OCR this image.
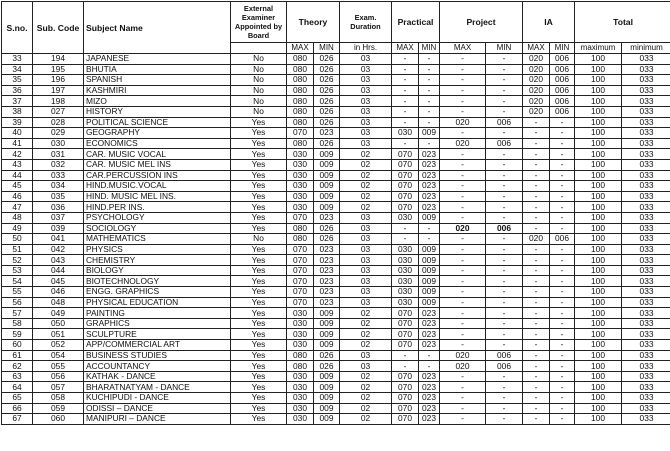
S.no.	Sub. Code	Subject Name	External Examiner Appointed by Board	Theory		Exam. Duration	Practical		Project		IA		Total	
				MAX	MIN	in Hrs.	MAX	MIN	MAX	MIN	MAX	MIN	maximum	minimum
33	194	JAPANESE	No	080	026	03	-	-	-	-	020	006	100	033
34	195	BHUTIA	No	080	026	03	-	-	-	-	020	006	100	033
35	196	SPANISH	No	080	026	03	-	-	-	-	020	006	100	033
36	197	KASHMIRI	No	080	026	03	-	-	-	-	020	006	100	033
37	198	MIZO	No	080	026	03	-	-	-	-	020	006	100	033
38	027	HISTORY	No	080	026	03	-	-	-	-	020	006	100	033
39	028	POLITICAL SCIENCE	Yes	080	026	03	-	-	020	006	-	-	100	033
40	029	GEOGRAPHY	Yes	070	023	03	030	009	-	-	-	-	100	033
41	030	ECONOMICS	Yes	080	026	03	-	-	020	006	-	-	100	033
42	031	CAR. MUSIC VOCAL	Yes	030	009	02	070	023	-	-	-	-	100	033
43	032	CAR. MUSIC MEL INS	Yes	030	009	02	070	023	-	-	-	-	100	033
44	033	CAR.PERCUSSION INS	Yes	030	009	02	070	023	-	-	-	-	100	033
45	034	HIND.MUSIC.VOCAL	Yes	030	009	02	070	023	-	-	-	-	100	033
46	035	HIND. MUSIC MEL INS.	Yes	030	009	02	070	023	-	-	-	-	100	033
47	036	HIND.PER INS.	Yes	030	009	02	070	023	-	-	-	-	100	033
48	037	PSYCHOLOGY	Yes	070	023	03	030	009	-	-	-	-	100	033
49	039	SOCIOLOGY	Yes	080	026	03	-	-	020	006	-	-	100	033
50	041	MATHEMATICS	No	080	026	03	-	-	-	-	020	006	100	033
51	042	PHYSICS	Yes	070	023	03	030	009	-	-	-	-	100	033
52	043	CHEMISTRY	Yes	070	023	03	030	009	-	-	-	-	100	033
53	044	BIOLOGY	Yes	070	023	03	030	009	-	-	-	-	100	033
54	045	BIOTECHNOLOGY	Yes	070	023	03	030	009	-	-	-	-	100	033
55	046	ENGG. GRAPHICS	Yes	070	023	03	030	009	-	-	-	-	100	033
56	048	PHYSICAL EDUCATION	Yes	070	023	03	030	009	-	-	-	-	100	033
57	049	PAINTING	Yes	030	009	02	070	023	-	-	-	-	100	033
58	050	GRAPHICS	Yes	030	009	02	070	023	-	-	-	-	100	033
59	051	SCULPTURE	Yes	030	009	02	070	023	-	-	-	-	100	033
60	052	APP/COMMERCIAL ART	Yes	030	009	02	070	023	-	-	-	-	100	033
61	054	BUSINESS STUDIES	Yes	080	026	03	-	-	020	006	-	-	100	033
62	055	ACCOUNTANCY	Yes	080	026	03	-	-	020	006	-	-	100	033
63	056	KATHAK - DANCE	Yes	030	009	02	070	023	-	-	-	-	100	033
64	057	BHARATNATYAM - DANCE	Yes	030	009	02	070	023	-	-	-	-	100	033
65	058	KUCHIPUDI - DANCE	Yes	030	009	02	070	023	-	-	-	-	100	033
66	059	ODISSI – DANCE	Yes	030	009	02	070	023	-	-	-	-	100	033
67	060	MANIPURI – DANCE	Yes	030	009	02	070	023	-	-	-	-	100	033
